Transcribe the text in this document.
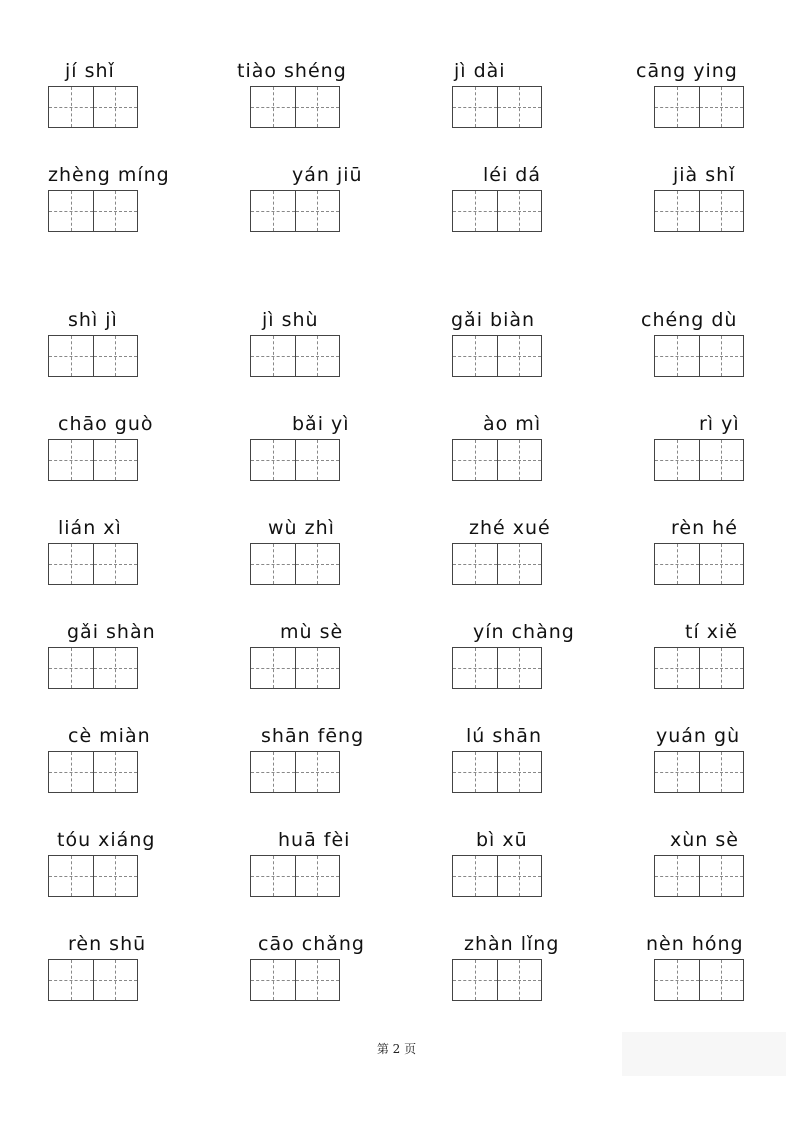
jí shǐ	tiào shéng	jì dài	cāng ying
zhèng míng	yán jiū	léi dá	jià shǐ
shì jì	jì shù	gǎi biàn	chéng dù
chāo guò	bǎi yì	ào mì	rì yì
lián xì	wù zhì	zhé xué	rèn hé
gǎi shàn	mù sè	yín chàng	tí xiě
cè miàn	shān fēng	lú shān	yuán gù
tóu xiáng	huā fèi	bì xū	xùn sè
rèn shū	cāo chǎng	zhàn lǐng	nèn hóng
第 2 页
